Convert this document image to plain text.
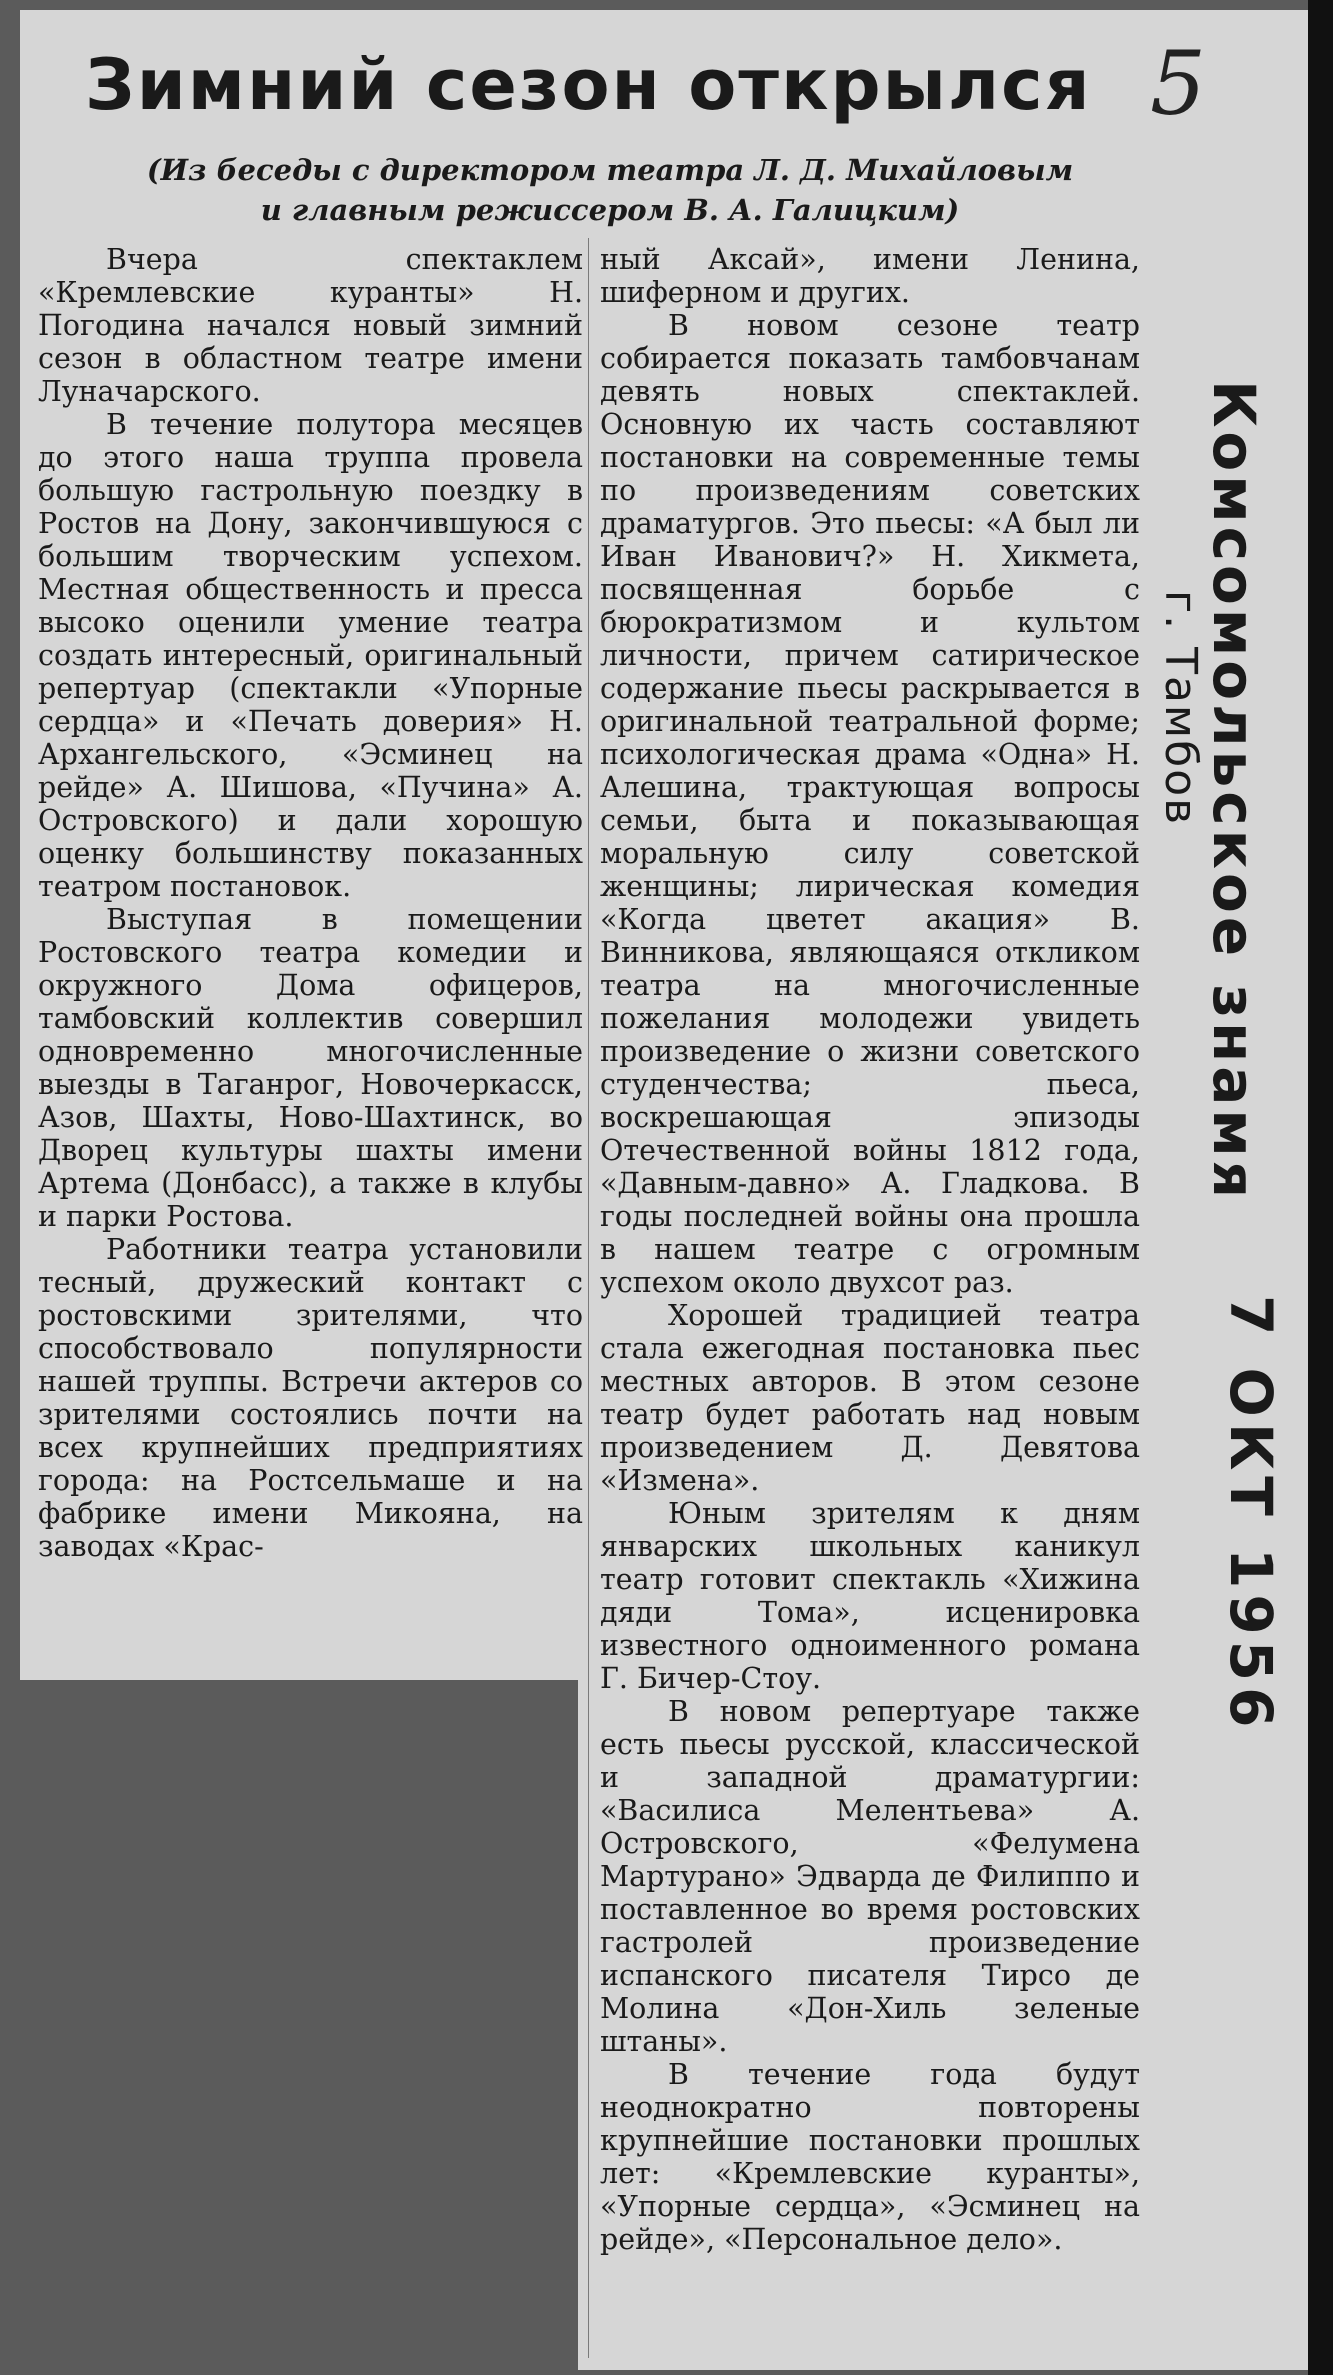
Зимний сезон открылся 5
(Из беседы с директором театра Л. Д. Михайловым
и главным режиссером В. А. Галицким)

Вчера спектаклем «Кремлевские куранты» Н. Погодина начался новый зимний сезон в областном театре имени Луначарского.

В течение полутора месяцев до этого наша труппа провела большую гастрольную поездку в Ростов на Дону, закончившуюся с большим творческим успехом. Местная общественность и пресса высоко оценили умение театра создать интересный, оригинальный репертуар (спектакли «Упорные сердца» и «Печать доверия» Н. Архангельского, «Эсминец на рейде» А. Шишова, «Пучина» А. Островского) и дали хорошую оценку большинству показанных театром постановок.

Выступая в помещении Ростовского театра комедии и окружного Дома офицеров, тамбовский коллектив совершил одновременно многочисленные выезды в Таганрог, Новочеркасск, Азов, Шахты, Ново-Шахтинск, во Дворец культуры шахты имени Артема (Донбасс), а также в клубы и парки Ростова.

Работники театра установили тесный, дружеский контакт с ростовскими зрителями, что способствовало популярности нашей труппы. Встречи актеров со зрителями состоялись почти на всех крупнейших предприятиях города: на Ростсельмаше и на фабрике имени Микояна, на заводах «Крас-

ный Аксай», имени Ленина, шиферном и других.

В новом сезоне театр собирается показать тамбовчанам девять новых спектаклей. Основную их часть составляют постановки на современные темы по произведениям советских драматургов. Это пьесы: «А был ли Иван Иванович?» Н. Хикмета, посвященная борьбе с бюрократизмом и культом личности, причем сатирическое содержание пьесы раскрывается в оригинальной театральной форме; психологическая драма «Одна» Н. Алешина, трактующая вопросы семьи, быта и показывающая моральную силу советской женщины; лирическая комедия «Когда цветет акация» В. Винникова, являющаяся откликом театра на многочисленные пожелания молодежи увидеть произведение о жизни советского студенчества; пьеса, воскрешающая эпизоды Отечественной войны 1812 года, «Давным-давно» А. Гладкова. В годы последней войны она прошла в нашем театре с огромным успехом около двухсот раз.

Хорошей традицией театра стала ежегодная постановка пьес местных авторов. В этом сезоне театр будет работать над новым произведением Д. Девятова «Измена».

Юным зрителям к дням январских школьных каникул театр готовит спектакль «Хижина дяди Тома», исценировка известного одноименного романа Г. Бичер-Стоу.

В новом репертуаре также есть пьесы русской, классической и западной драматургии: «Василиса Мелентьева» А. Островского, «Фелумена Мартурано» Эдварда де Филиппо и поставленное во время ростовских гастролей произведение испанского писателя Тирсо де Молина «Дон-Хиль зеленые штаны».

В течение года будут неоднократно повторены крупнейшие постановки прошлых лет: «Кремлевские куранты», «Упорные сердца», «Эсминец на рейде», «Персональное дело».

Комсомольское знамя
г. Тамбов
7 ОКТ 1956
